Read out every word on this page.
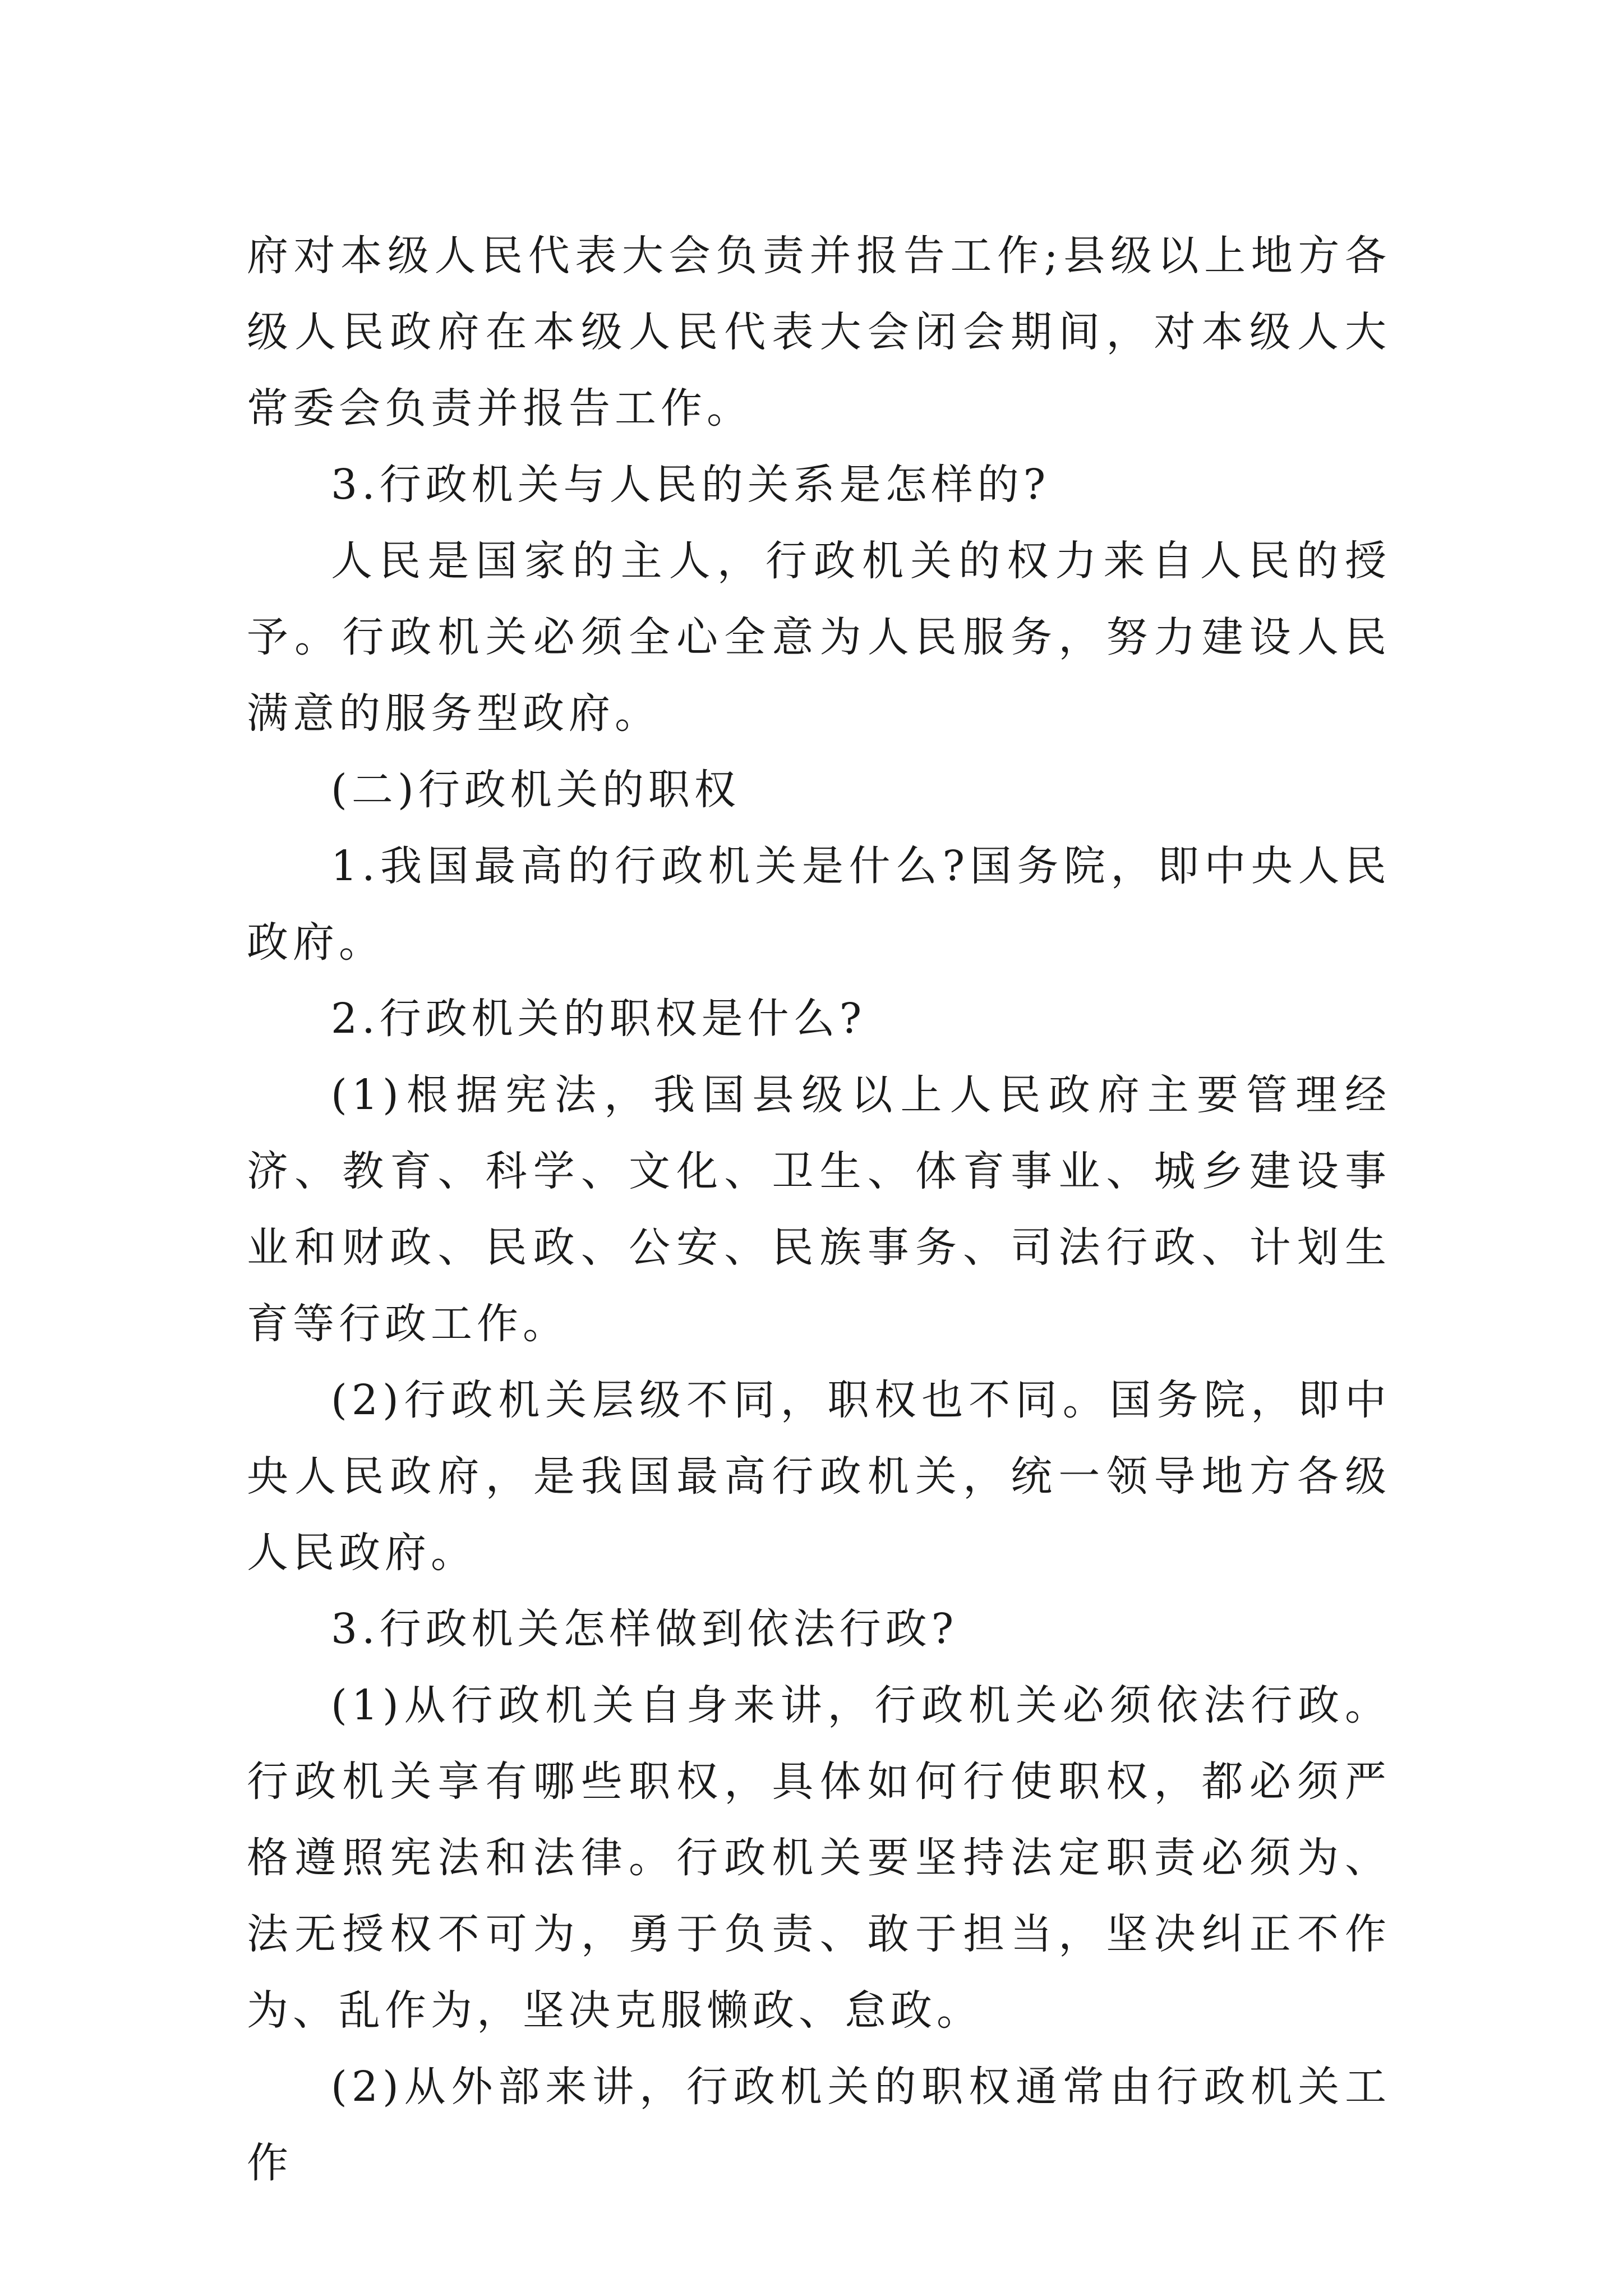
府对本级人民代表大会负责并报告工作;县级以上地方各级人民政府在本级人民代表大会闭会期间，对本级人大常委会负责并报告工作。

3.行政机关与人民的关系是怎样的?

人民是国家的主人，行政机关的权力来自人民的授予。行政机关必须全心全意为人民服务，努力建设人民满意的服务型政府。

(二)行政机关的职权

1.我国最高的行政机关是什么?国务院，即中央人民政府。

2.行政机关的职权是什么?

(1)根据宪法，我国县级以上人民政府主要管理经济、教育、科学、文化、卫生、体育事业、城乡建设事业和财政、民政、公安、民族事务、司法行政、计划生育等行政工作。

(2)行政机关层级不同，职权也不同。国务院，即中央人民政府，是我国最高行政机关，统一领导地方各级人民政府。

3.行政机关怎样做到依法行政?

(1)从行政机关自身来讲，行政机关必须依法行政。行政机关享有哪些职权，具体如何行使职权，都必须严格遵照宪法和法律。行政机关要坚持法定职责必须为、法无授权不可为，勇于负责、敢于担当，坚决纠正不作为、乱作为，坚决克服懒政、怠政。

(2)从外部来讲，行政机关的职权通常由行政机关工作
